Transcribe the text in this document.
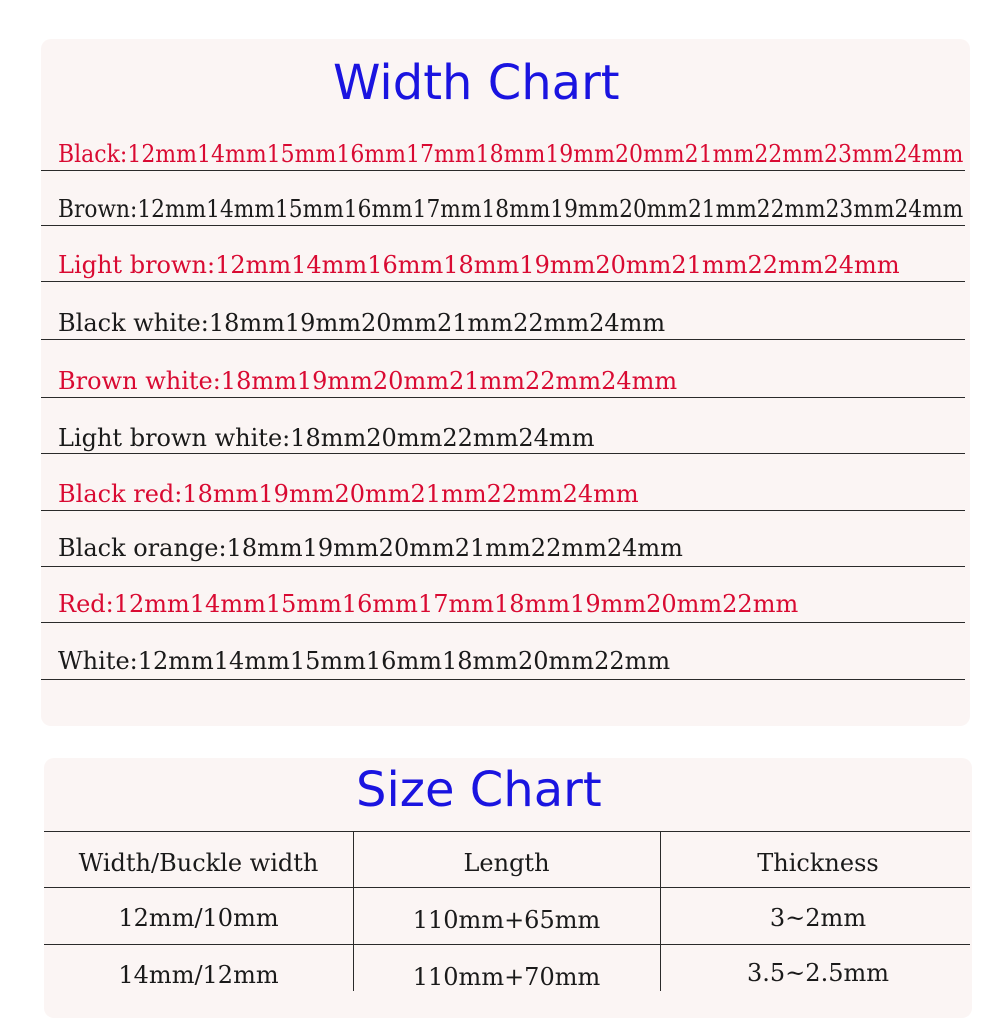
Width Chart
Black:12mm14mm15mm16mm17mm18mm19mm20mm21mm22mm23mm24mm
Brown:12mm14mm15mm16mm17mm18mm19mm20mm21mm22mm23mm24mm
Light brown:12mm14mm16mm18mm19mm20mm21mm22mm24mm
Black white:18mm19mm20mm21mm22mm24mm
Brown white:18mm19mm20mm21mm22mm24mm
Light brown white:18mm20mm22mm24mm
Black red:18mm19mm20mm21mm22mm24mm
Black orange:18mm19mm20mm21mm22mm24mm
Red:12mm14mm15mm16mm17mm18mm19mm20mm22mm
White:12mm14mm15mm16mm18mm20mm22mm
Size Chart
Width/Buckle width	Length	Thickness
12mm/10mm	110mm+65mm	3~2mm
14mm/12mm	110mm+70mm	3.5~2.5mm
